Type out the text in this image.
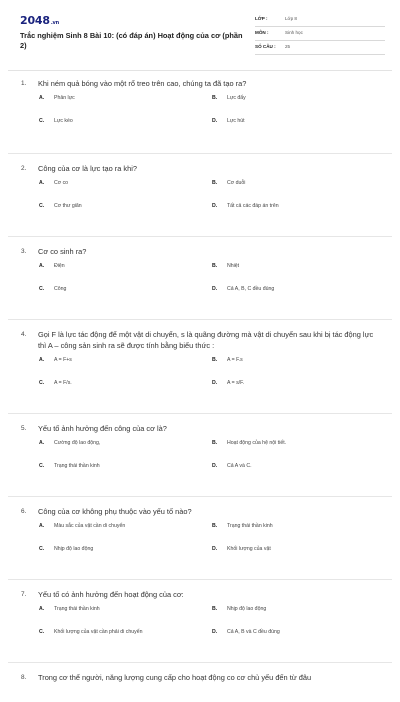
2048.vn
Trắc nghiệm Sinh 8 Bài 10: (có đáp án) Hoạt động của cơ (phần 2)
LỚP :	Lớp 8
MÔN :	Sinh học
SỐ CÂU : 25
1. Khi ném quả bóng vào một rổ treo trên cao, chúng ta đã tạo ra?
A. Phản lực	B. Lực đẩy
C. Lực kéo	D. Lực hút
2. Công của cơ là lực tạo ra khi?
A. Cơ co	B. Cơ duỗi
C. Cơ thư giãn	D. Tất cả các đáp án trên
3. Cơ co sinh ra?
A. Điện	B. Nhiệt
C. Công	D. Cả A, B, C đều đúng
4. Gọi F là lực tác động để một vật di chuyển, s là quãng đường mà vật di chuyển sau khi bị tác động lực thì A – công sản sinh ra sẽ được tính bằng biểu thức :
A. A = F+s	B. A = F.s
C. A = F/s.	D. A = s/F.
5. Yếu tố ảnh hưởng đến công của cơ là?
A. Cường độ lao động,	B. Hoạt động của hệ nội tiết.
C. Trạng thái thần kinh	D. Cả A và C.
6. Công của cơ không phụ thuộc vào yếu tố nào?
A. Màu sắc của vật cần di chuyển	B. Trạng thái thần kinh
C. Nhịp độ lao động	D. Khối lượng của vật
7. Yếu tố có ảnh hưởng đến hoạt động của cơ:
A. Trạng thái thần kinh	B. Nhịp độ lao động
C. Khối lượng của vật cần phải di chuyển	D. Cả A, B và C đều đúng
8. Trong cơ thể người, năng lượng cung cấp cho hoạt động co cơ chủ yếu đến từ đâu
